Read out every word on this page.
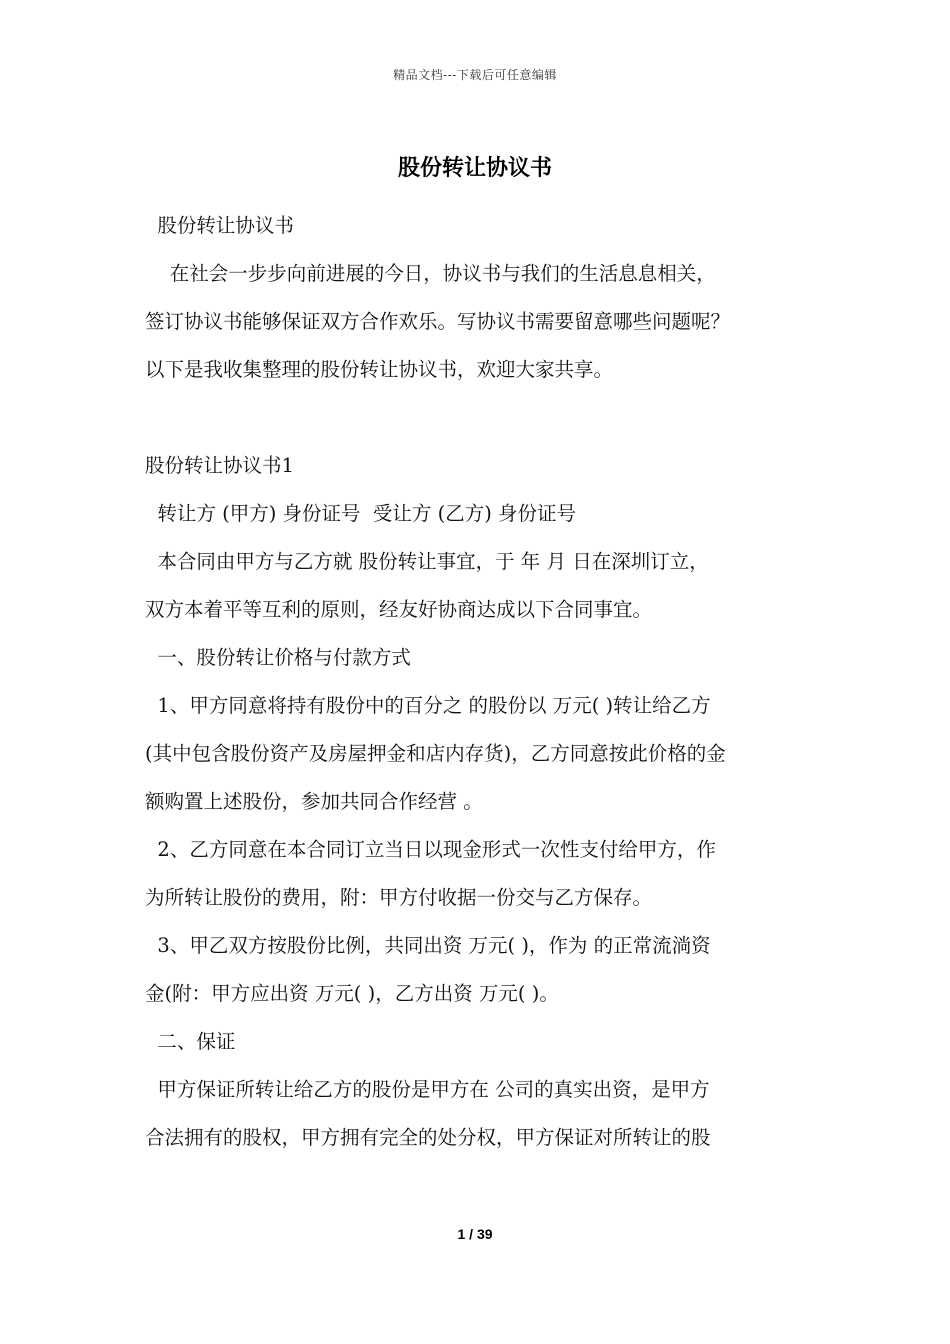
精品文档---下载后可任意编辑
股份转让协议书

股份转让协议书

在社会一步步向前进展的今日，协议书与我们的生活息息相关，

签订协议书能够保证双方合作欢乐。写协议书需要留意哪些问题呢？

以下是我收集整理的股份转让协议书，欢迎大家共享。

股份转让协议书1

转让方 (甲方) 身份证号  受让方 (乙方) 身份证号

本合同由甲方与乙方就 股份转让事宜，于 年 月 日在深圳订立，

双方本着平等互利的原则，经友好协商达成以下合同事宜。

一、股份转让价格与付款方式

1、甲方同意将持有股份中的百分之 的股份以 万元( )转让给乙方

(其中包含股份资产及房屋押金和店内存货)，乙方同意按此价格的金

额购置上述股份，参加共同合作经营 。

2、乙方同意在本合同订立当日以现金形式一次性支付给甲方，作

为所转让股份的费用，附：甲方付收据一份交与乙方保存。

3、甲乙双方按股份比例，共同出资 万元( )，作为 的正常流淌资

金(附：甲方应出资 万元( )，乙方出资 万元( )。

二、保证

甲方保证所转让给乙方的股份是甲方在 公司的真实出资，是甲方

合法拥有的股权，甲方拥有完全的处分权，甲方保证对所转让的股

1 / 39
